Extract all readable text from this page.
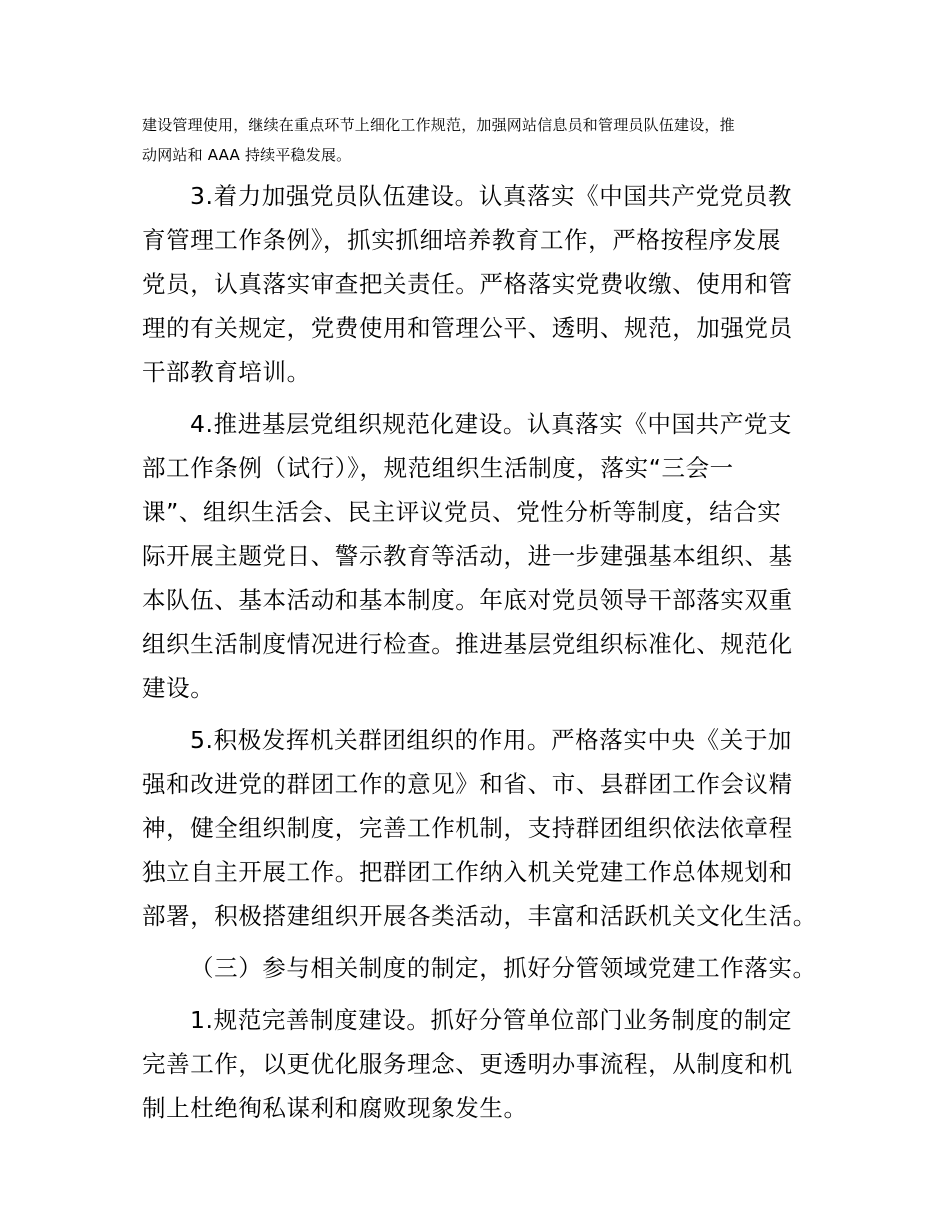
建设管理使用，继续在重点环节上细化工作规范，加强网站信息员和管理员队伍建设，推
动网站和 AAA 持续平稳发展。

3.着力加强党员队伍建设。认真落实《中国共产党党员教
育管理工作条例》，抓实抓细培养教育工作，严格按程序发展
党员，认真落实审查把关责任。严格落实党费收缴、使用和管
理的有关规定，党费使用和管理公平、透明、规范，加强党员
干部教育培训。

4.推进基层党组织规范化建设。认真落实《中国共产党支
部工作条例（试行）》，规范组织生活制度，落实“三会一
课”、组织生活会、民主评议党员、党性分析等制度，结合实
际开展主题党日、警示教育等活动，进一步建强基本组织、基
本队伍、基本活动和基本制度。年底对党员领导干部落实双重
组织生活制度情况进行检查。推进基层党组织标准化、规范化
建设。

5.积极发挥机关群团组织的作用。严格落实中央《关于加
强和改进党的群团工作的意见》和省、市、县群团工作会议精
神，健全组织制度，完善工作机制，支持群团组织依法依章程
独立自主开展工作。把群团工作纳入机关党建工作总体规划和
部署，积极搭建组织开展各类活动，丰富和活跃机关文化生活。

（三）参与相关制度的制定，抓好分管领域党建工作落实。

1.规范完善制度建设。抓好分管单位部门业务制度的制定
完善工作，以更优化服务理念、更透明办事流程，从制度和机
制上杜绝徇私谋利和腐败现象发生。
